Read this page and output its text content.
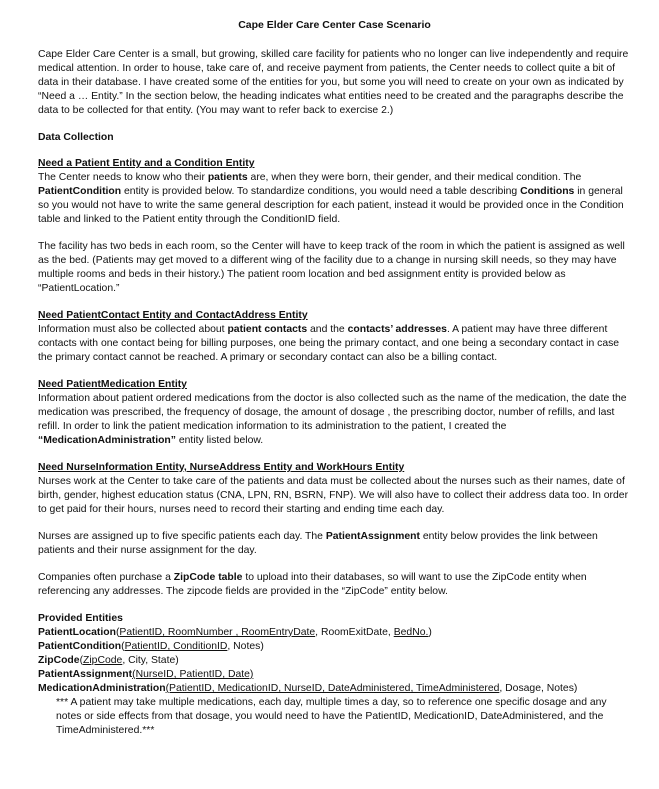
Cape Elder Care Center Case Scenario

Cape Elder Care Center is a small, but growing, skilled care facility for patients who no longer can live independently and require medical attention. In order to house, take care of, and receive payment from patients, the Center needs to collect quite a bit of data in their database. I have created some of the entities for you, but some you will need to create on your own as indicated by “Need a … Entity.” In the section below, the heading indicates what entities need to be created and the paragraphs describe the data to be collected for that entity. (You may want to refer back to exercise 2.)

Data Collection
Need a Patient Entity and a Condition Entity

The Center needs to know who their patients are, when they were born, their gender, and their medical condition. The PatientCondition entity is provided below. To standardize conditions, you would need a table describing Conditions in general so you would not have to write the same general description for each patient, instead it would be provided once in the Condition table and linked to the Patient entity through the ConditionID field.

The facility has two beds in each room, so the Center will have to keep track of the room in which the patient is assigned as well as the bed. (Patients may get moved to a different wing of the facility due to a change in nursing skill needs, so they may have multiple rooms and beds in their history.) The patient room location and bed assignment entity is provided below as “PatientLocation.”

Need PatientContact Entity and ContactAddress Entity

Information must also be collected about patient contacts and the contacts’ addresses. A patient may have three different contacts with one contact being for billing purposes, one being the primary contact, and one being a secondary contact in case the primary contact cannot be reached. A primary or secondary contact can also be a billing contact.

Need PatientMedication Entity

Information about patient ordered medications from the doctor is also collected such as the name of the medication, the date the medication was prescribed, the frequency of dosage, the amount of dosage , the prescribing doctor, number of refills, and last refill. In order to link the patient medication information to its administration to the patient, I created the “MedicationAdministration” entity listed below.

Need NurseInformation Entity, NurseAddress Entity and WorkHours Entity

Nurses work at the Center to take care of the patients and data must be collected about the nurses such as their names, date of birth, gender, highest education status (CNA, LPN, RN, BSRN, FNP). We will also have to collect their address data too. In order to get paid for their hours, nurses need to record their starting and ending time each day.

Nurses are assigned up to five specific patients each day. The PatientAssignment entity below provides the link between patients and their nurse assignment for the day.

Companies often purchase a ZipCode table to upload into their databases, so will want to use the ZipCode entity when referencing any addresses. The zipcode fields are provided in the “ZipCode” entity below.

Provided Entities
PatientLocation(PatientID, RoomNumber , RoomEntryDate, RoomExitDate, BedNo.)
PatientCondition(PatientID, ConditionID, Notes)
ZipCode(ZipCode, City, State)
PatientAssignment(NurseID, PatientID, Date)
MedicationAdministration(PatientID, MedicationID, NurseID, DateAdministered, TimeAdministered, Dosage, Notes)
*** A patient may take multiple medications, each day, multiple times a day, so to reference one specific dosage and any notes or side effects from that dosage, you would need to have the PatientID, MedicationID, DateAdministered, and the TimeAdministered.***
